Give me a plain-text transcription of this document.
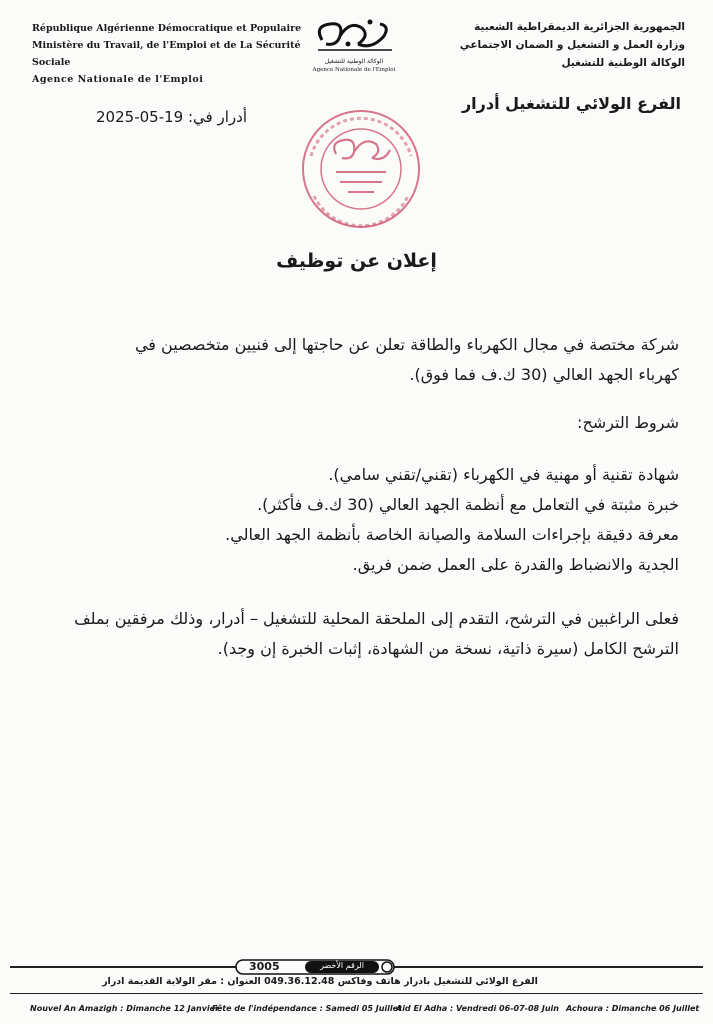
République Algérienne Démocratique et Populaire
Ministère du Travail, de l'Emploi et de La Sécurité Sociale
Agence Nationale de l'Emploi
الوكالة الوطنية للتشغيل
Agence Nationale de l'Emploi
الجمهورية الجزائرية الديمقراطية الشعبية
وزارة العمل و التشغيل و الضمان الاجتماعي
الوكالة الوطنية للتشغيل
الفرع الولائي للتشغيل أدرار
أدرار في: 19-05-2025
إعلان عن توظيف
شركة مختصة في مجال الكهرباء والطاقة تعلن عن حاجتها إلى فنيين متخصصين في
كهرباء الجهد العالي (30 ك.ف فما فوق).
شروط الترشح:
شهادة تقنية أو مهنية في الكهرباء (تقني/تقني سامي).
خبرة مثبتة في التعامل مع أنظمة الجهد العالي (30 ك.ف فأكثر).
معرفة دقيقة بإجراءات السلامة والصيانة الخاصة بأنظمة الجهد العالي.
الجدية والانضباط والقدرة على العمل ضمن فريق.
فعلى الراغبين في الترشح، التقدم إلى الملحقة المحلية للتشغيل – أدرار، وذلك مرفقين بملف
الترشح الكامل (سيرة ذاتية، نسخة من الشهادة، إثبات الخبرة إن وجد).
3005	الرقم الأخضر
الفرع الولائي للتشغيل بادرار هاتف وفاكس 049.36.12.48 العنوان : مقر الولاية القديمة ادرار
Achoura : Dimanche 06 Juillet
Aid El Adha : Vendredi 06-07-08 Juin
Fête de l'indépendance : Samedi 05 Juillet
Nouvel An Amazigh : Dimanche 12 Janvier
